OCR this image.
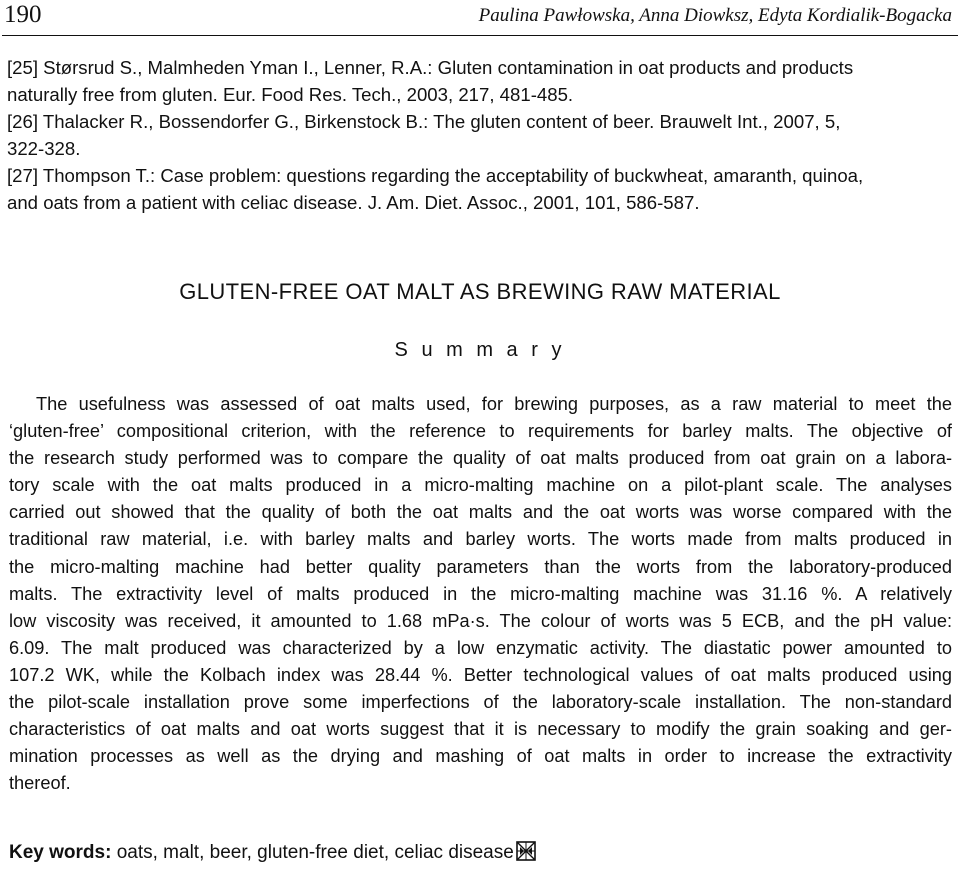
190	Paulina Pawłowska, Anna Diowksz, Edyta Kordialik-Bogacka

[25] Størsrud S., Malmheden Yman I., Lenner, R.A.: Gluten contamination in oat products and products
naturally free from gluten. Eur. Food Res. Tech., 2003, 217, 481-485.

[26] Thalacker R., Bossendorfer G., Birkenstock B.: The gluten content of beer. Brauwelt Int., 2007, 5,
322-328.

[27] Thompson T.: Case problem: questions regarding the acceptability of buckwheat, amaranth, quinoa,
and oats from a patient with celiac disease. J. Am. Diet. Assoc., 2001, 101, 586-587.

GLUTEN-FREE OAT MALT AS BREWING RAW MATERIAL
S u m m a r y
The usefulness was assessed of oat malts used, for brewing purposes, as a raw material to meet the
‘gluten-free’ compositional criterion, with the reference to requirements for barley malts. The objective of
the research study performed was to compare the quality of oat malts produced from oat grain on a labora-
tory scale with the oat malts produced in a micro-malting machine on a pilot-plant scale. The analyses
carried out showed that the quality of both the oat malts and the oat worts was worse compared with the
traditional raw material, i.e. with barley malts and barley worts. The worts made from malts produced in
the micro-malting machine had better quality parameters than the worts from the laboratory-produced
malts. The extractivity level of malts produced in the micro-malting machine was 31.16 %. A relatively
low viscosity was received, it amounted to 1.68 mPa·s. The colour of worts was 5 ECB, and the pH value:
6.09. The malt produced was characterized by a low enzymatic activity. The diastatic power amounted to
107.2 WK, while the Kolbach index was 28.44 %. Better technological values of oat malts produced using
the pilot-scale installation prove some imperfections of the laboratory-scale installation. The non-standard
characteristics of oat malts and oat worts suggest that it is necessary to modify the grain soaking and ger-
mination processes as well as the drying and mashing of oat malts in order to increase the extractivity
thereof.
Key words: oats, malt, beer, gluten-free diet, celiac disease
